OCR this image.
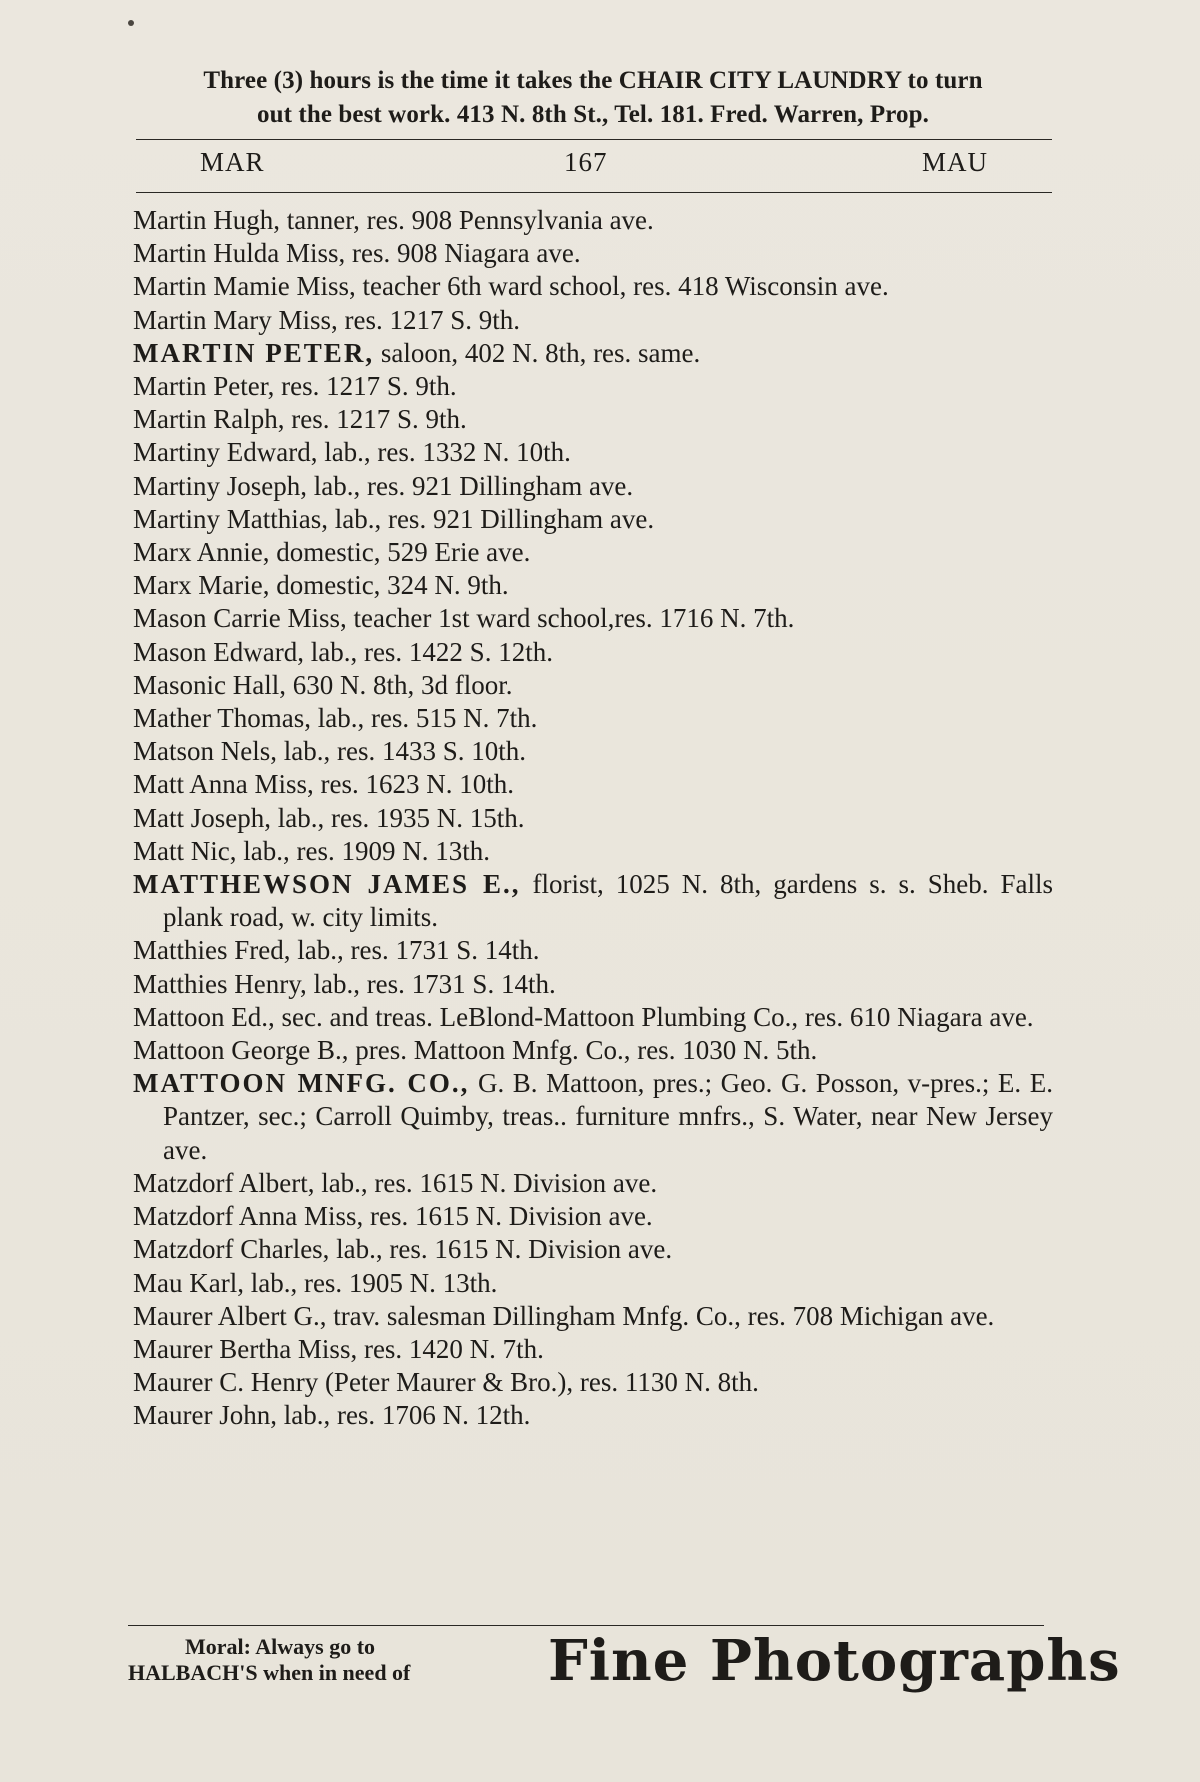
Three (3) hours is the time it takes the CHAIR CITY LAUNDRY to turn
out the best work. 413 N. 8th St., Tel. 181. Fred. Warren, Prop.
MAR	167	MAU
Martin Hugh, tanner, res. 908 Pennsylvania ave.
Martin Hulda Miss, res. 908 Niagara ave.
Martin Mamie Miss, teacher 6th ward school, res. 418 Wisconsin ave.
Martin Mary Miss, res. 1217 S. 9th.
MARTIN PETER, saloon, 402 N. 8th, res. same.
Martin Peter, res. 1217 S. 9th.
Martin Ralph, res. 1217 S. 9th.
Martiny Edward, lab., res. 1332 N. 10th.
Martiny Joseph, lab., res. 921 Dillingham ave.
Martiny Matthias, lab., res. 921 Dillingham ave.
Marx Annie, domestic, 529 Erie ave.
Marx Marie, domestic, 324 N. 9th.
Mason Carrie Miss, teacher 1st ward school,res. 1716 N. 7th.
Mason Edward, lab., res. 1422 S. 12th.
Masonic Hall, 630 N. 8th, 3d floor.
Mather Thomas, lab., res. 515 N. 7th.
Matson Nels, lab., res. 1433 S. 10th.
Matt Anna Miss, res. 1623 N. 10th.
Matt Joseph, lab., res. 1935 N. 15th.
Matt Nic, lab., res. 1909 N. 13th.
MATTHEWSON JAMES E., florist, 1025 N. 8th, gardens s. s. Sheb. Falls plank road, w. city limits.
Matthies Fred, lab., res. 1731 S. 14th.
Matthies Henry, lab., res. 1731 S. 14th.
Mattoon Ed., sec. and treas. LeBlond-Mattoon Plumbing Co., res. 610 Niagara ave.
Mattoon George B., pres. Mattoon Mnfg. Co., res. 1030 N. 5th.
MATTOON MNFG. CO., G. B. Mattoon, pres.; Geo. G. Posson, v-pres.; E. E. Pantzer, sec.; Carroll Quimby, treas.. furniture mnfrs., S. Water, near New Jersey ave.
Matzdorf Albert, lab., res. 1615 N. Division ave.
Matzdorf Anna Miss, res. 1615 N. Division ave.
Matzdorf Charles, lab., res. 1615 N. Division ave.
Mau Karl, lab., res. 1905 N. 13th.
Maurer Albert G., trav. salesman Dillingham Mnfg. Co., res. 708 Michigan ave.
Maurer Bertha Miss, res. 1420 N. 7th.
Maurer C. Henry (Peter Maurer & Bro.), res. 1130 N. 8th.
Maurer John, lab., res. 1706 N. 12th.
Moral: Always go to
HALBACH'S when in need of	Fine Photographs
